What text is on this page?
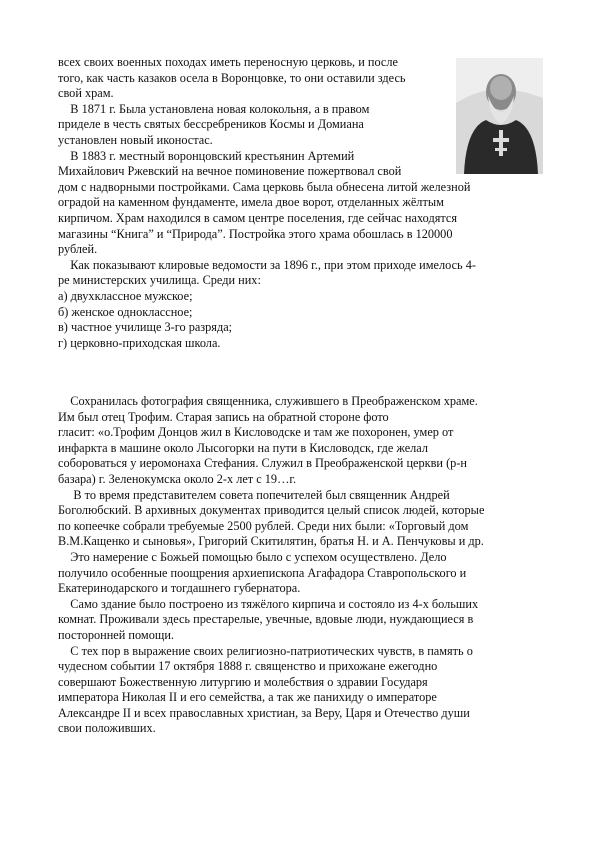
всех своих военных походах иметь переносную церковь, и после
того, как часть казаков осела в Воронцовке, то они оставили здесь
свой храм.
В 1871 г. Была установлена новая колокольня, а в правом
приделе в честь святых бессребреников Космы и Домиана
установлен новый иконостас.
В 1883 г. местный воронцовский крестьянин Артемий
Михайлович Ржевский на вечное поминовение пожертвовал свой
дом с надворными постройками. Сама церковь была обнесена литой железной
оградой на каменном фундаменте, имела двое ворот, отделанных жёлтым
кирпичом. Храм находился в самом центре поселения, где сейчас находятся
магазины “Книга” и “Природа”. Постройка этого храма обошлась в 120000
рублей.
Как показывают клировые ведомости за 1896 г., при этом приходе имелось 4-
ре министерских училища. Среди них:
а) двухклассное мужское;
б) женское одноклассное;
в) частное училище 3-го разряда;
г) церковно-приходская школа.
Сохранилась фотография священника, служившего в Преображенском храме.
Им был отец Трофим. Старая запись на обратной стороне фото
гласит: «о.Трофим Донцов жил в Кисловодске и там же похоронен, умер от
инфаркта в машине около Лысогорки на пути в Кисловодск, где желал
собороваться у иеромонаха Стефания. Служил в Преображенской церкви (р-н
базара) г. Зеленокумска около 2-х лет с 19…г.
В то время представителем совета попечителей был священник Андрей
Боголюбский. В архивных документах приводится целый список людей, которые
по копеечке собрали требуемые 2500 рублей. Среди них были: «Торговый дом
В.М.Кащенко и сыновья», Григорий Скитилятин, братья Н. и А. Пенчуковы и др.
Это намерение с Божьей помощью было с успехом осуществлено. Дело
получило особенные поощрения архиепископа Агафадора Ставропольского и
Екатеринодарского и тогдашнего губернатора.
Само здание было построено из тяжёлого кирпича и состояло из 4-х больших
комнат. Проживали здесь престарелые, увечные, вдовые люди, нуждающиеся в
посторонней помощи.
С тех пор в выражение своих религиозно-патриотических чувств, в память о
чудесном событии 17 октября 1888 г. священство и прихожане ежегодно
совершают Божественную литургию и молебствия о здравии Государя
императора Николая II и его семейства, а так же панихиду о императоре
Александре II и всех православных христиан, за Веру, Царя и Отечество души
свои положивших.
